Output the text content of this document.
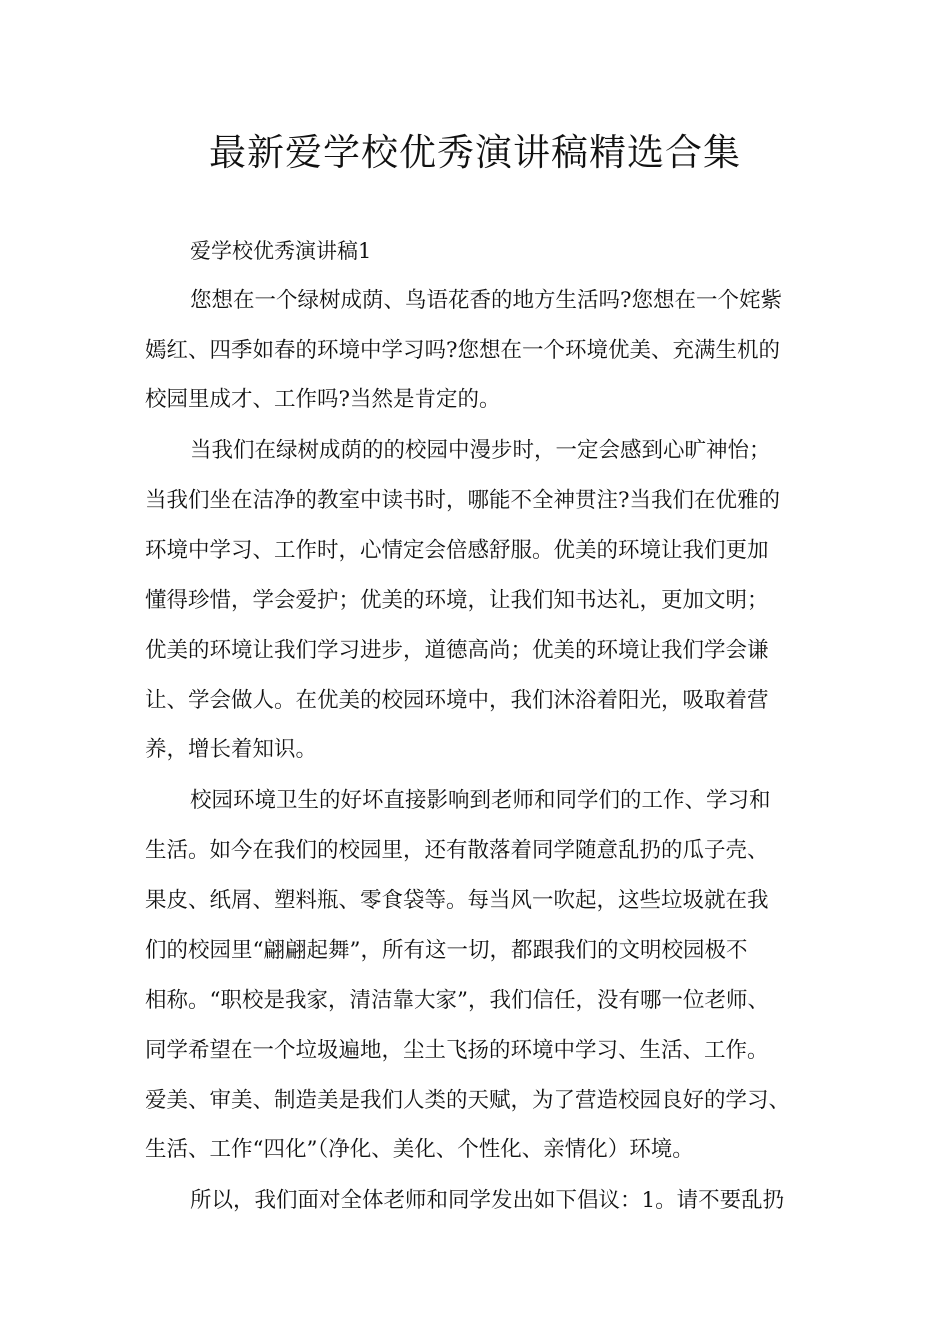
最新爱学校优秀演讲稿精选合集

爱学校优秀演讲稿1

您想在一个绿树成荫、鸟语花香的地方生活吗?您想在一个姹紫

嫣红、四季如春的环境中学习吗?您想在一个环境优美、充满生机的

校园里成才、工作吗?当然是肯定的。

当我们在绿树成荫的的校园中漫步时，一定会感到心旷神怡；

当我们坐在洁净的教室中读书时，哪能不全神贯注?当我们在优雅的

环境中学习、工作时，心情定会倍感舒服。优美的环境让我们更加

懂得珍惜，学会爱护；优美的环境，让我们知书达礼，更加文明；

优美的环境让我们学习进步，道德高尚；优美的环境让我们学会谦

让、学会做人。在优美的校园环境中，我们沐浴着阳光，吸取着营

养，增长着知识。

校园环境卫生的好坏直接影响到老师和同学们的工作、学习和

生活。如今在我们的校园里，还有散落着同学随意乱扔的瓜子壳、

果皮、纸屑、塑料瓶、零食袋等。每当风一吹起，这些垃圾就在我

们的校园里“翩翩起舞”，所有这一切，都跟我们的文明校园极不

相称。“职校是我家，清洁靠大家”，我们信任，没有哪一位老师、

同学希望在一个垃圾遍地，尘土飞扬的环境中学习、生活、工作。

爱美、审美、制造美是我们人类的天赋，为了营造校园良好的学习、

生活、工作“四化”（净化、美化、个性化、亲情化）环境。

所以，我们面对全体老师和同学发出如下倡议：1。请不要乱扔
